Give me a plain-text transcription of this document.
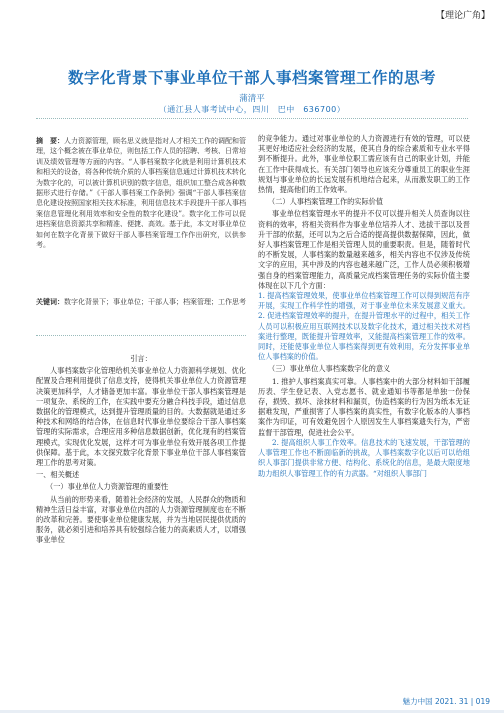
【理论广角】
数字化背景下事业单位干部人事档案管理工作的思考
蒲清平
（通江县人事考试中心，四川　巴中　636700）
摘　要：人力资源管理，顾名思义就是指对人才相关工作的调配和管理，这个概念被在事业单位，则包括工作人员的招聘、考核、日常培训及绩效管理等方面的内容。“人事档案数字化就是利用计算机技术和相关的设备，将各种传统介质的人事档案信息通过计算机技术转化为数字化的，可以被计算机识别的数字信息，组织加工整合成各种数据形式进行存储。”《干部人事档案工作条例》强调“干部人事档案信息化建设按照国家相关技术标准，利用信息技术手段提升干部人事档案信息管理化利用效率和安全性的数字化建设”。数字化工作可以促进档案信息资源共享和精准、便捷、高效。基于此，本文对事业单位如何在数字化背景下做好干部人事档案管理工作作出研究，以供参考。
关键词：数字化背景下；事业单位；干部人事；档案管理；工作思考
引言：

人事档案数字化管理给机关事业单位人力资源科学规划、优化配置及合理利用提供了信息支持，使得机关事业单位人力资源管理决策更加科学，人才储备更加丰富。事业单位干部人事档案管理是一项复杂、系统的工作，在实践中要充分融合科技手段，通过信息数据化的管理模式，达到提升管理质量的目的。大数据就是通过多种技术和网络的结合体，在信息时代事业单位要综合干部人事档案管理的实际需求，合理应用多种信息数据创新，优化现有的档案管理模式，实现优化发展，这样才可为事业单位有效开展各项工作提供保障。基于此，本文探究数字化背景下事业单位干部人事档案管理工作的思考对策。

一、相关概述
（一）事业单位人力资源管理的重要性

从当前的形势来看，随着社会经济的发展，人民群众的物质和精神生活日益丰富，对事业单位内部的人力资源管理制度也在不断的改革和完善。要使事业单位健康发展，并为当地居民提供优质的服务，就必须引进和培养具有较强综合能力的高素质人才，以增强事业单位

的竞争能力。通过对事业单位的人力资源进行有效的管理，可以使其更好地适应社会经济的发展，使其自身的综合素质和专业水平得到不断提升。此外，事业单位职工需应该有自己的职业计划，并能在工作中获得成长。有关部门领导也应该充分尊重员工的职业生涯规划与事业单位的长远发展有机地结合起来，从而激发职工的工作热情，提高他们的工作效率。

（二）人事档案管理工作的实际价值

事业单位档案管理水平的提升不仅可以提升相关人员查询以往资料的效率，将相关资料作为事业单位培养人才、选拔干部以及晋升干部的依据，还可以为之后合适的提高提供数据保障，因此，做好人事档案管理工作是相关管理人员的重要职责。但是，随着时代的不断发展，人事档案的数量越来越多，相关内容也不仅涉及传统文字的应用，其中涉及的内容也越来越广泛，工作人员必须积极增强自身的档案管理能力，高质量完成档案管理任务的实际价值主要体现在以下几个方面：

1. 提高档案管理效果，使事业单位档案管理工作可以得到规范有序开展，实现工作科学性的增强，对于事业单位未来发展意义重大。2. 促进档案管理效率的提升，在提升管理水平的过程中，相关工作人员可以积极应用互联网技术以及数字化技术，通过相关技术对档案进行整理，既能提升管理效率，又能提高档案管理工作的效率。同时，还能使事业单位人事档案得到更有效利用，充分发挥事业单位人事档案的价值。

（三）事业单位人事档案数字化的意义

1. 推护人事档案真实可靠。人事档案中的大部分材料如干部履历表、学生登记表、入党志愿书、就业通知书等都是单独一份保存，损毁、损坏、涂抹材料和漏页，伪造档案的行为因为纸本无证据难发现，严重损害了人事档案的真实性，有数字化版本的人事档案作为印证，可有效避免因个人原因发生人事档案遗失行为，严密监督干部管理，促进社会公平。

2. 提高组织人事工作效率。信息技术的飞速发展，干部管理的人事管理工作也不断面临新的挑战，人事档案数字化以后可以给组织人事部门提供非常方便、结构化、系统化的信息，是最大限度地助力组织人事管理工作的有力武器。“对组织人事部门

魅力中国 2021. 31 | 019
